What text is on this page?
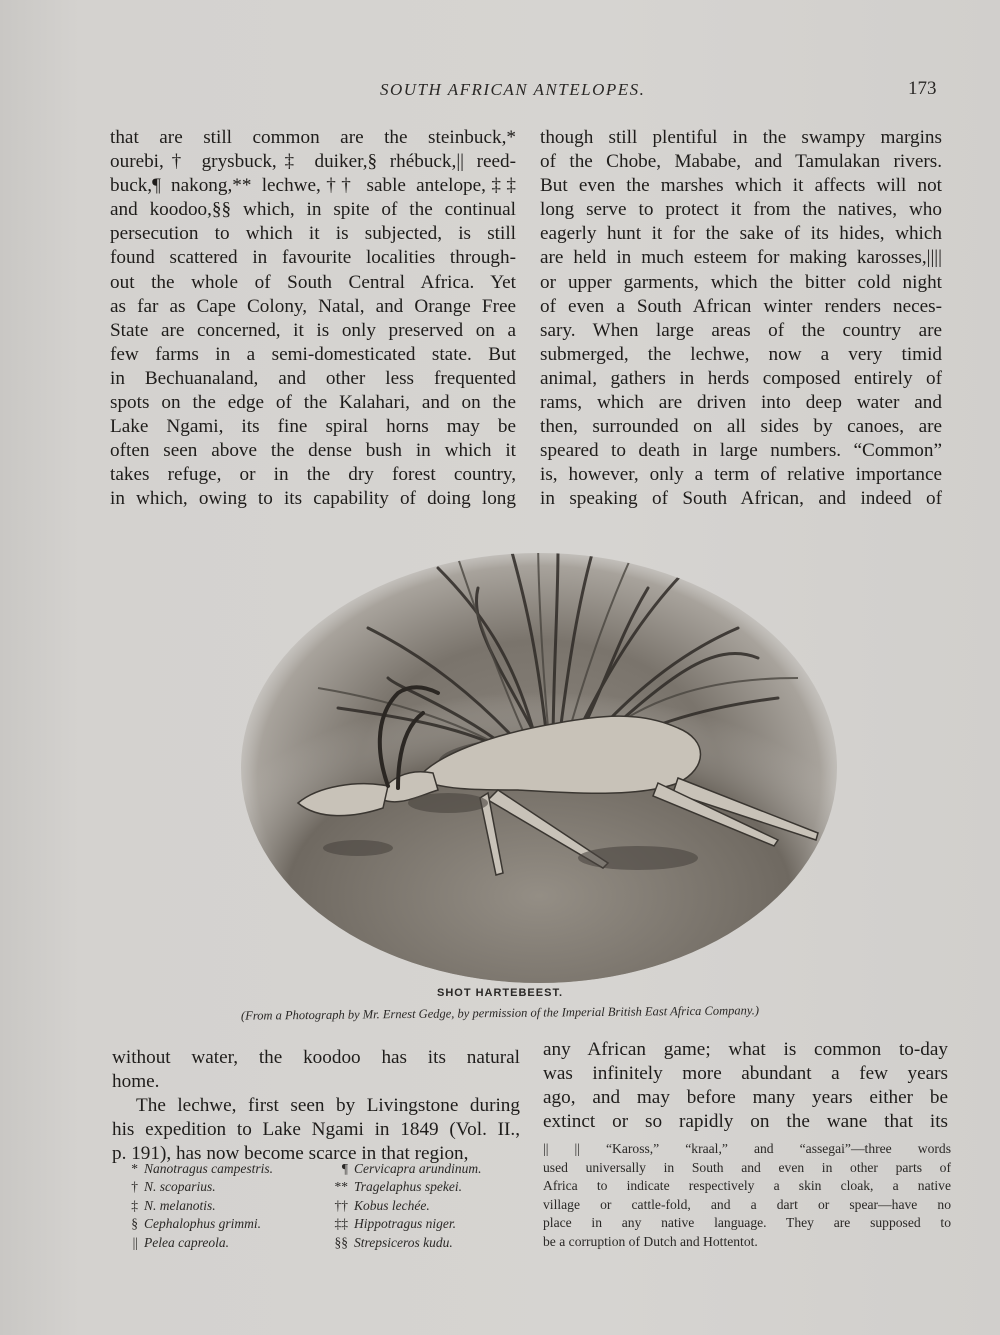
SOUTH AFRICAN ANTELOPES.	173
that are still common are the steinbuck,*
ourebi,† grysbuck,‡ duiker,§ rhébuck,|| reed-
buck,¶ nakong,** lechwe,†† sable antelope,‡‡
and koodoo,§§ which, in spite of the continual
persecution to which it is subjected, is still
found scattered in favourite localities through-
out the whole of South Central Africa. Yet
as far as Cape Colony, Natal, and Orange Free
State are concerned, it is only preserved on a
few farms in a semi-domesticated state. But
in Bechuanaland, and other less frequented
spots on the edge of the Kalahari, and on the
Lake Ngami, its fine spiral horns may be
often seen above the dense bush in which it
takes refuge, or in the dry forest country,
in which, owing to its capability of doing long
though still plentiful in the swampy margins
of the Chobe, Mababe, and Tamulakan rivers.
But even the marshes which it affects will not
long serve to protect it from the natives, who
eagerly hunt it for the sake of its hides, which
are held in much esteem for making karosses,||||
or upper garments, which the bitter cold night
of even a South African winter renders neces-
sary. When large areas of the country are
submerged, the lechwe, now a very timid
animal, gathers in herds composed entirely of
rams, which are driven into deep water and
then, surrounded on all sides by canoes, are
speared to death in large numbers. “Common”
is, however, only a term of relative importance
in speaking of South African, and indeed of
SHOT HARTEBEEST.
(From a Photograph by Mr. Ernest Gedge, by permission of the Imperial British East Africa Company.)
without water, the koodoo has its natural
home.
The lechwe, first seen by Livingstone during
his expedition to Lake Ngami in 1849 (Vol. II.,
p. 191), has now become scarce in that region,
any African game; what is common to-day
was infinitely more abundant a few years
ago, and may before many years either be
extinct or so rapidly on the wane that its
* Nanotragus campestris.	¶ Cervicapra arundinum.
† N. scoparius.	** Tragelaphus spekei.
‡ N. melanotis.	†† Kobus lechée.
§ Cephalophus grimmi.	‡‡ Hippotragus niger.
|| Pelea capreola.	§§ Strepsiceros kudu.
|| || “Kaross,” “kraal,” and “assegai”—three words
used universally in South and even in other parts of
Africa to indicate respectively a skin cloak, a native
village or cattle-fold, and a dart or spear—have no
place in any native language. They are supposed to
be a corruption of Dutch and Hottentot.
